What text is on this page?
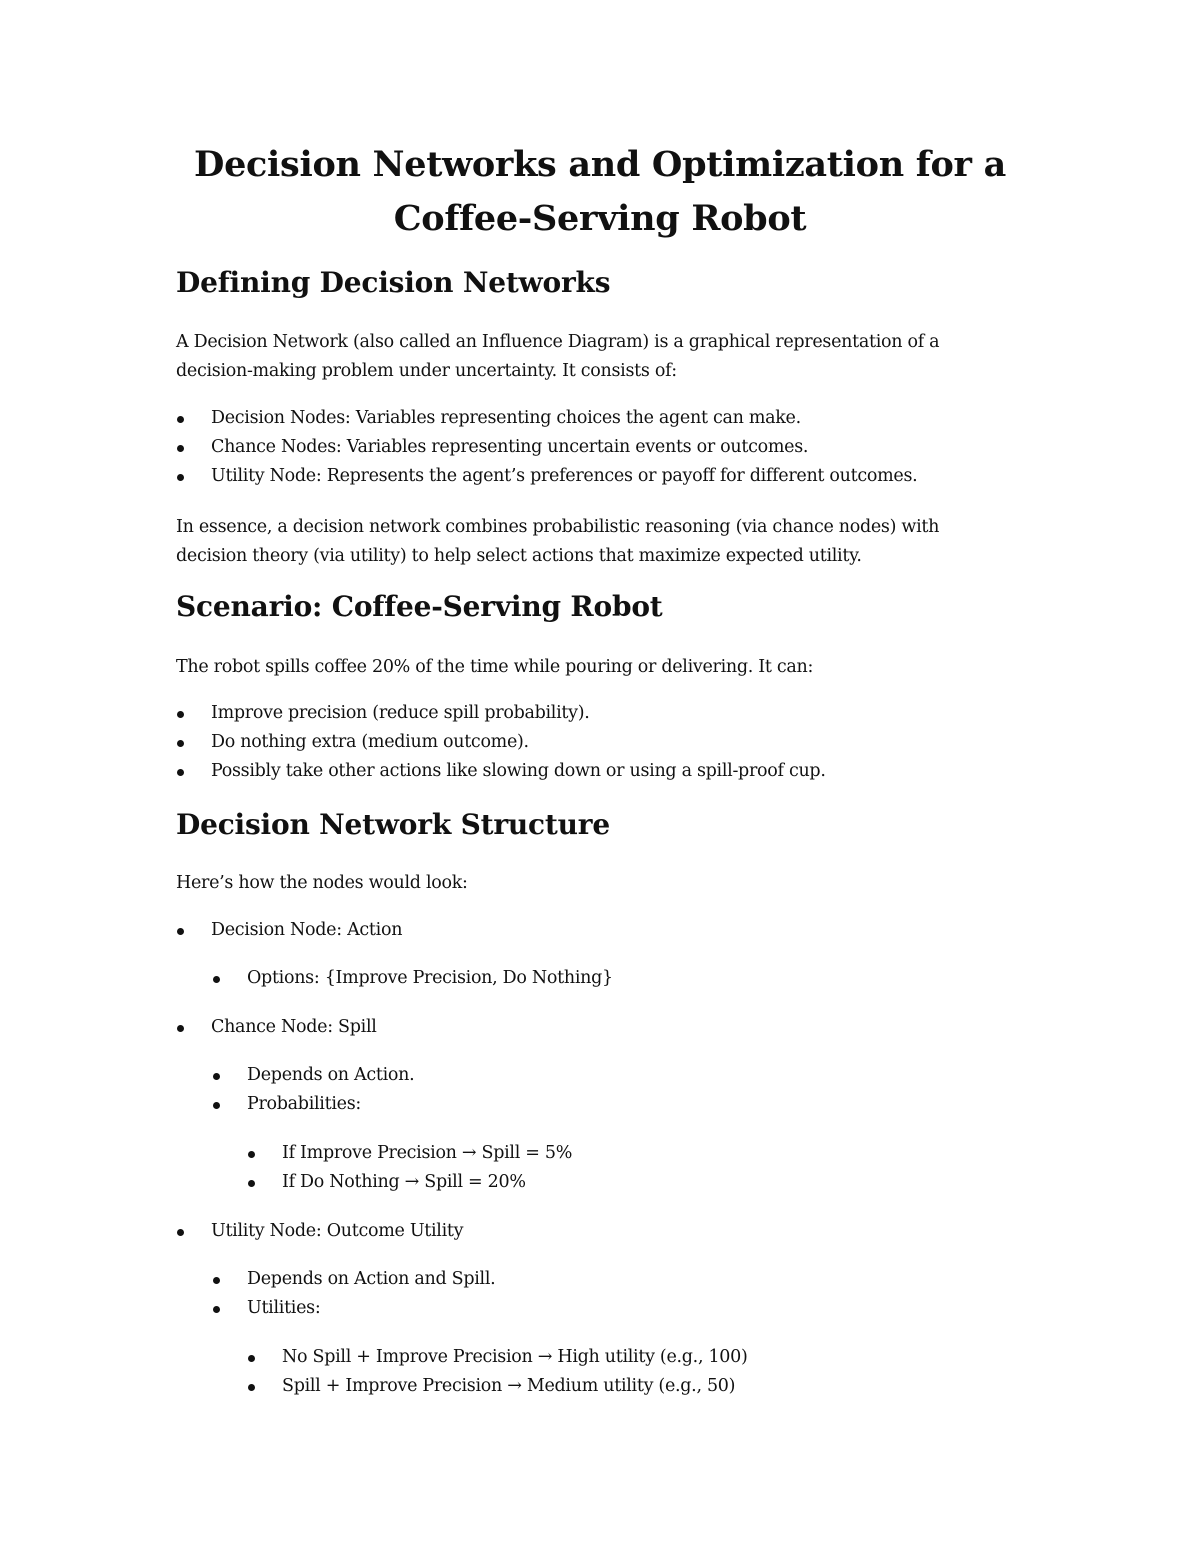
Decision Networks and Optimization for a
Coffee-Serving Robot
Defining Decision Networks

A Decision Network (also called an Influence Diagram) is a graphical representation of a

decision-making problem under uncertainty. It consists of:

Decision Nodes: Variables representing choices the agent can make.
Chance Nodes: Variables representing uncertain events or outcomes.
Utility Node: Represents the agent’s preferences or payoff for different outcomes.

In essence, a decision network combines probabilistic reasoning (via chance nodes) with

decision theory (via utility) to help select actions that maximize expected utility.

Scenario: Coffee-Serving Robot

The robot spills coffee 20% of the time while pouring or delivering. It can:

Improve precision (reduce spill probability).
Do nothing extra (medium outcome).
Possibly take other actions like slowing down or using a spill-proof cup.
Decision Network Structure

Here’s how the nodes would look:

Decision Node: Action
Options: {Improve Precision, Do Nothing}
Chance Node: Spill
Depends on Action.
Probabilities:
If Improve Precision → Spill = 5%
If Do Nothing → Spill = 20%
Utility Node: Outcome Utility
Depends on Action and Spill.
Utilities:
No Spill + Improve Precision → High utility (e.g., 100)
Spill + Improve Precision → Medium utility (e.g., 50)
